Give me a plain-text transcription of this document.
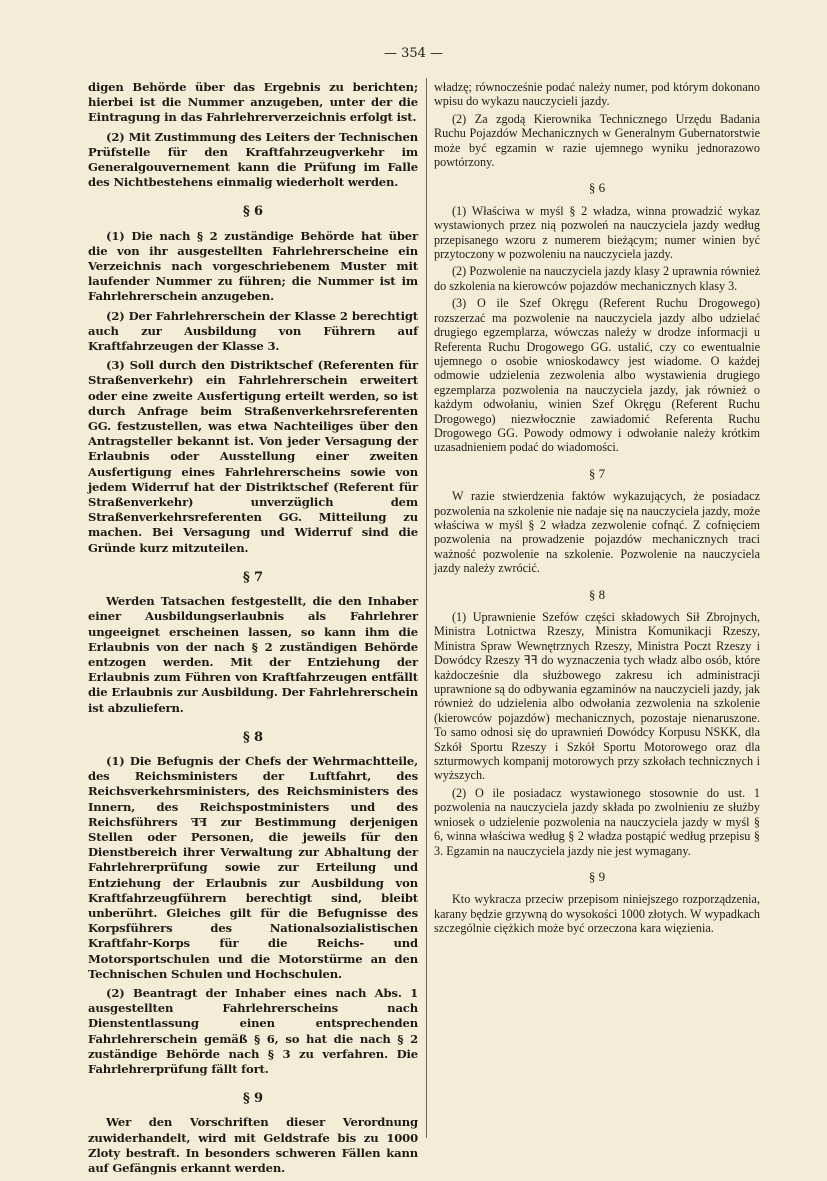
— 354 —
digen Behörde über das Ergebnis zu berichten; hierbei ist die Nummer anzugeben, unter der die Eintragung in das Fahrlehrerverzeichnis erfolgt ist.
(2) Mit Zustimmung des Leiters der Technischen Prüfstelle für den Kraftfahrzeugverkehr im Generalgouvernement kann die Prüfung im Falle des Nichtbestehens einmalig wiederholt werden.
§ 6
(1) Die nach § 2 zuständige Behörde hat über die von ihr ausgestellten Fahrlehrerscheine ein Verzeichnis nach vorgeschriebenem Muster mit laufender Nummer zu führen; die Nummer ist im Fahrlehrerschein anzugeben.
(2) Der Fahrlehrerschein der Klasse 2 berechtigt auch zur Ausbildung von Führern auf Kraftfahrzeugen der Klasse 3.
(3) Soll durch den Distriktschef (Referenten für Straßenverkehr) ein Fahrlehrerschein erweitert oder eine zweite Ausfertigung erteilt werden, so ist durch Anfrage beim Straßenverkehrsreferenten GG. festzustellen, was etwa Nachteiliges über den Antragsteller bekannt ist. Von jeder Versagung der Erlaubnis oder Ausstellung einer zweiten Ausfertigung eines Fahrlehrerscheins sowie von jedem Widerruf hat der Distriktschef (Referent für Straßenverkehr) unverzüglich dem Straßenverkehrsreferenten GG. Mitteilung zu machen. Bei Versagung und Widerruf sind die Gründe kurz mitzuteilen.
§ 7
Werden Tatsachen festgestellt, die den Inhaber einer Ausbildungserlaubnis als Fahrlehrer ungeeignet erscheinen lassen, so kann ihm die Erlaubnis von der nach § 2 zuständigen Behörde entzogen werden. Mit der Entziehung der Erlaubnis zum Führen von Kraftfahrzeugen entfällt die Erlaubnis zur Ausbildung. Der Fahrlehrerschein ist abzuliefern.
§ 8
(1) Die Befugnis der Chefs der Wehrmachtteile, des Reichsministers der Luftfahrt, des Reichsverkehrsministers, des Reichsministers des Innern, des Reichspostministers und des Reichsführers ꟻꟻ zur Bestimmung derjenigen Stellen oder Personen, die jeweils für den Dienstbereich ihrer Verwaltung zur Abhaltung der Fahrlehrerprüfung sowie zur Erteilung und Entziehung der Erlaubnis zur Ausbildung von Kraftfahrzeugführern berechtigt sind, bleibt unberührt. Gleiches gilt für die Befugnisse des Korpsführers des Nationalsozialistischen Kraftfahr-Korps für die Reichs- und Motorsportschulen und die Motorstürme an den Technischen Schulen und Hochschulen.
(2) Beantragt der Inhaber eines nach Abs. 1 ausgestellten Fahrlehrerscheins nach Dienstentlassung einen entsprechenden Fahrlehrerschein gemäß § 6, so hat die nach § 2 zuständige Behörde nach § 3 zu verfahren. Die Fahrlehrerprüfung fällt fort.
§ 9
Wer den Vorschriften dieser Verordnung zuwiderhandelt, wird mit Geldstrafe bis zu 1000 Zloty bestraft. In besonders schweren Fällen kann auf Gefängnis erkannt werden.
władzę; równocześnie podać należy numer, pod którym dokonano wpisu do wykazu nauczycieli jazdy.
(2) Za zgodą Kierownika Technicznego Urzędu Badania Ruchu Pojazdów Mechanicznych w Generalnym Gubernatorstwie może być egzamin w razie ujemnego wyniku jednorazowo powtórzony.
§ 6
(1) Właściwa w myśl § 2 władza, winna prowadzić wykaz wystawionych przez nią pozwoleń na nauczyciela jazdy według przepisanego wzoru z numerem bieżącym; numer winien być przytoczony w pozwoleniu na nauczyciela jazdy.
(2) Pozwolenie na nauczyciela jazdy klasy 2 uprawnia również do szkolenia na kierowców pojazdów mechanicznych klasy 3.
(3) O ile Szef Okręgu (Referent Ruchu Drogowego) rozszerzać ma pozwolenie na nauczyciela jazdy albo udzielać drugiego egzemplarza, wówczas należy w drodze informacji u Referenta Ruchu Drogowego GG. ustalić, czy co ewentualnie ujemnego o osobie wnioskodawcy jest wiadome. O każdej odmowie udzielenia zezwolenia albo wystawienia drugiego egzemplarza pozwolenia na nauczyciela jazdy, jak również o każdym odwołaniu, winien Szef Okręgu (Referent Ruchu Drogowego) niezwłocznie zawiadomić Referenta Ruchu Drogowego GG. Powody odmowy i odwołanie należy krótkim uzasadnieniem podać do wiadomości.
§ 7
W razie stwierdzenia faktów wykazujących, że posiadacz pozwolenia na szkolenie nie nadaje się na nauczyciela jazdy, może właściwa w myśl § 2 władza zezwolenie cofnąć. Z cofnięciem pozwolenia na prowadzenie pojazdów mechanicznych traci ważność pozwolenie na szkolenie. Pozwolenie na nauczyciela jazdy należy zwrócić.
§ 8
(1) Uprawnienie Szefów części składowych Sił Zbrojnych, Ministra Lotnictwa Rzeszy, Ministra Komunikacji Rzeszy, Ministra Spraw Wewnętrznych Rzeszy, Ministra Poczt Rzeszy i Dowódcy Rzeszy ꟻꟻ do wyznaczenia tych władz albo osób, które każdocześnie dla służbowego zakresu ich administracji uprawnione są do odbywania egzaminów na nauczycieli jazdy, jak również do udzielenia albo odwołania zezwolenia na szkolenie (kierowców pojazdów) mechanicznych, pozostaje nienaruszone. To samo odnosi się do uprawnień Dowódcy Korpusu NSKK, dla Szkół Sportu Rzeszy i Szkół Sportu Motorowego oraz dla szturmowych kompanij motorowych przy szkołach technicznych i wyższych.
(2) O ile posiadacz wystawionego stosownie do ust. 1 pozwolenia na nauczyciela jazdy składa po zwolnieniu ze służby wniosek o udzielenie pozwolenia na nauczyciela jazdy w myśl § 6, winna właściwa według § 2 władza postąpić według przepisu § 3. Egzamin na nauczyciela jazdy nie jest wymagany.
§ 9
Kto wykracza przeciw przepisom niniejszego rozporządzenia, karany będzie grzywną do wysokości 1000 złotych. W wypadkach szczególnie ciężkich może być orzeczona kara więzienia.
